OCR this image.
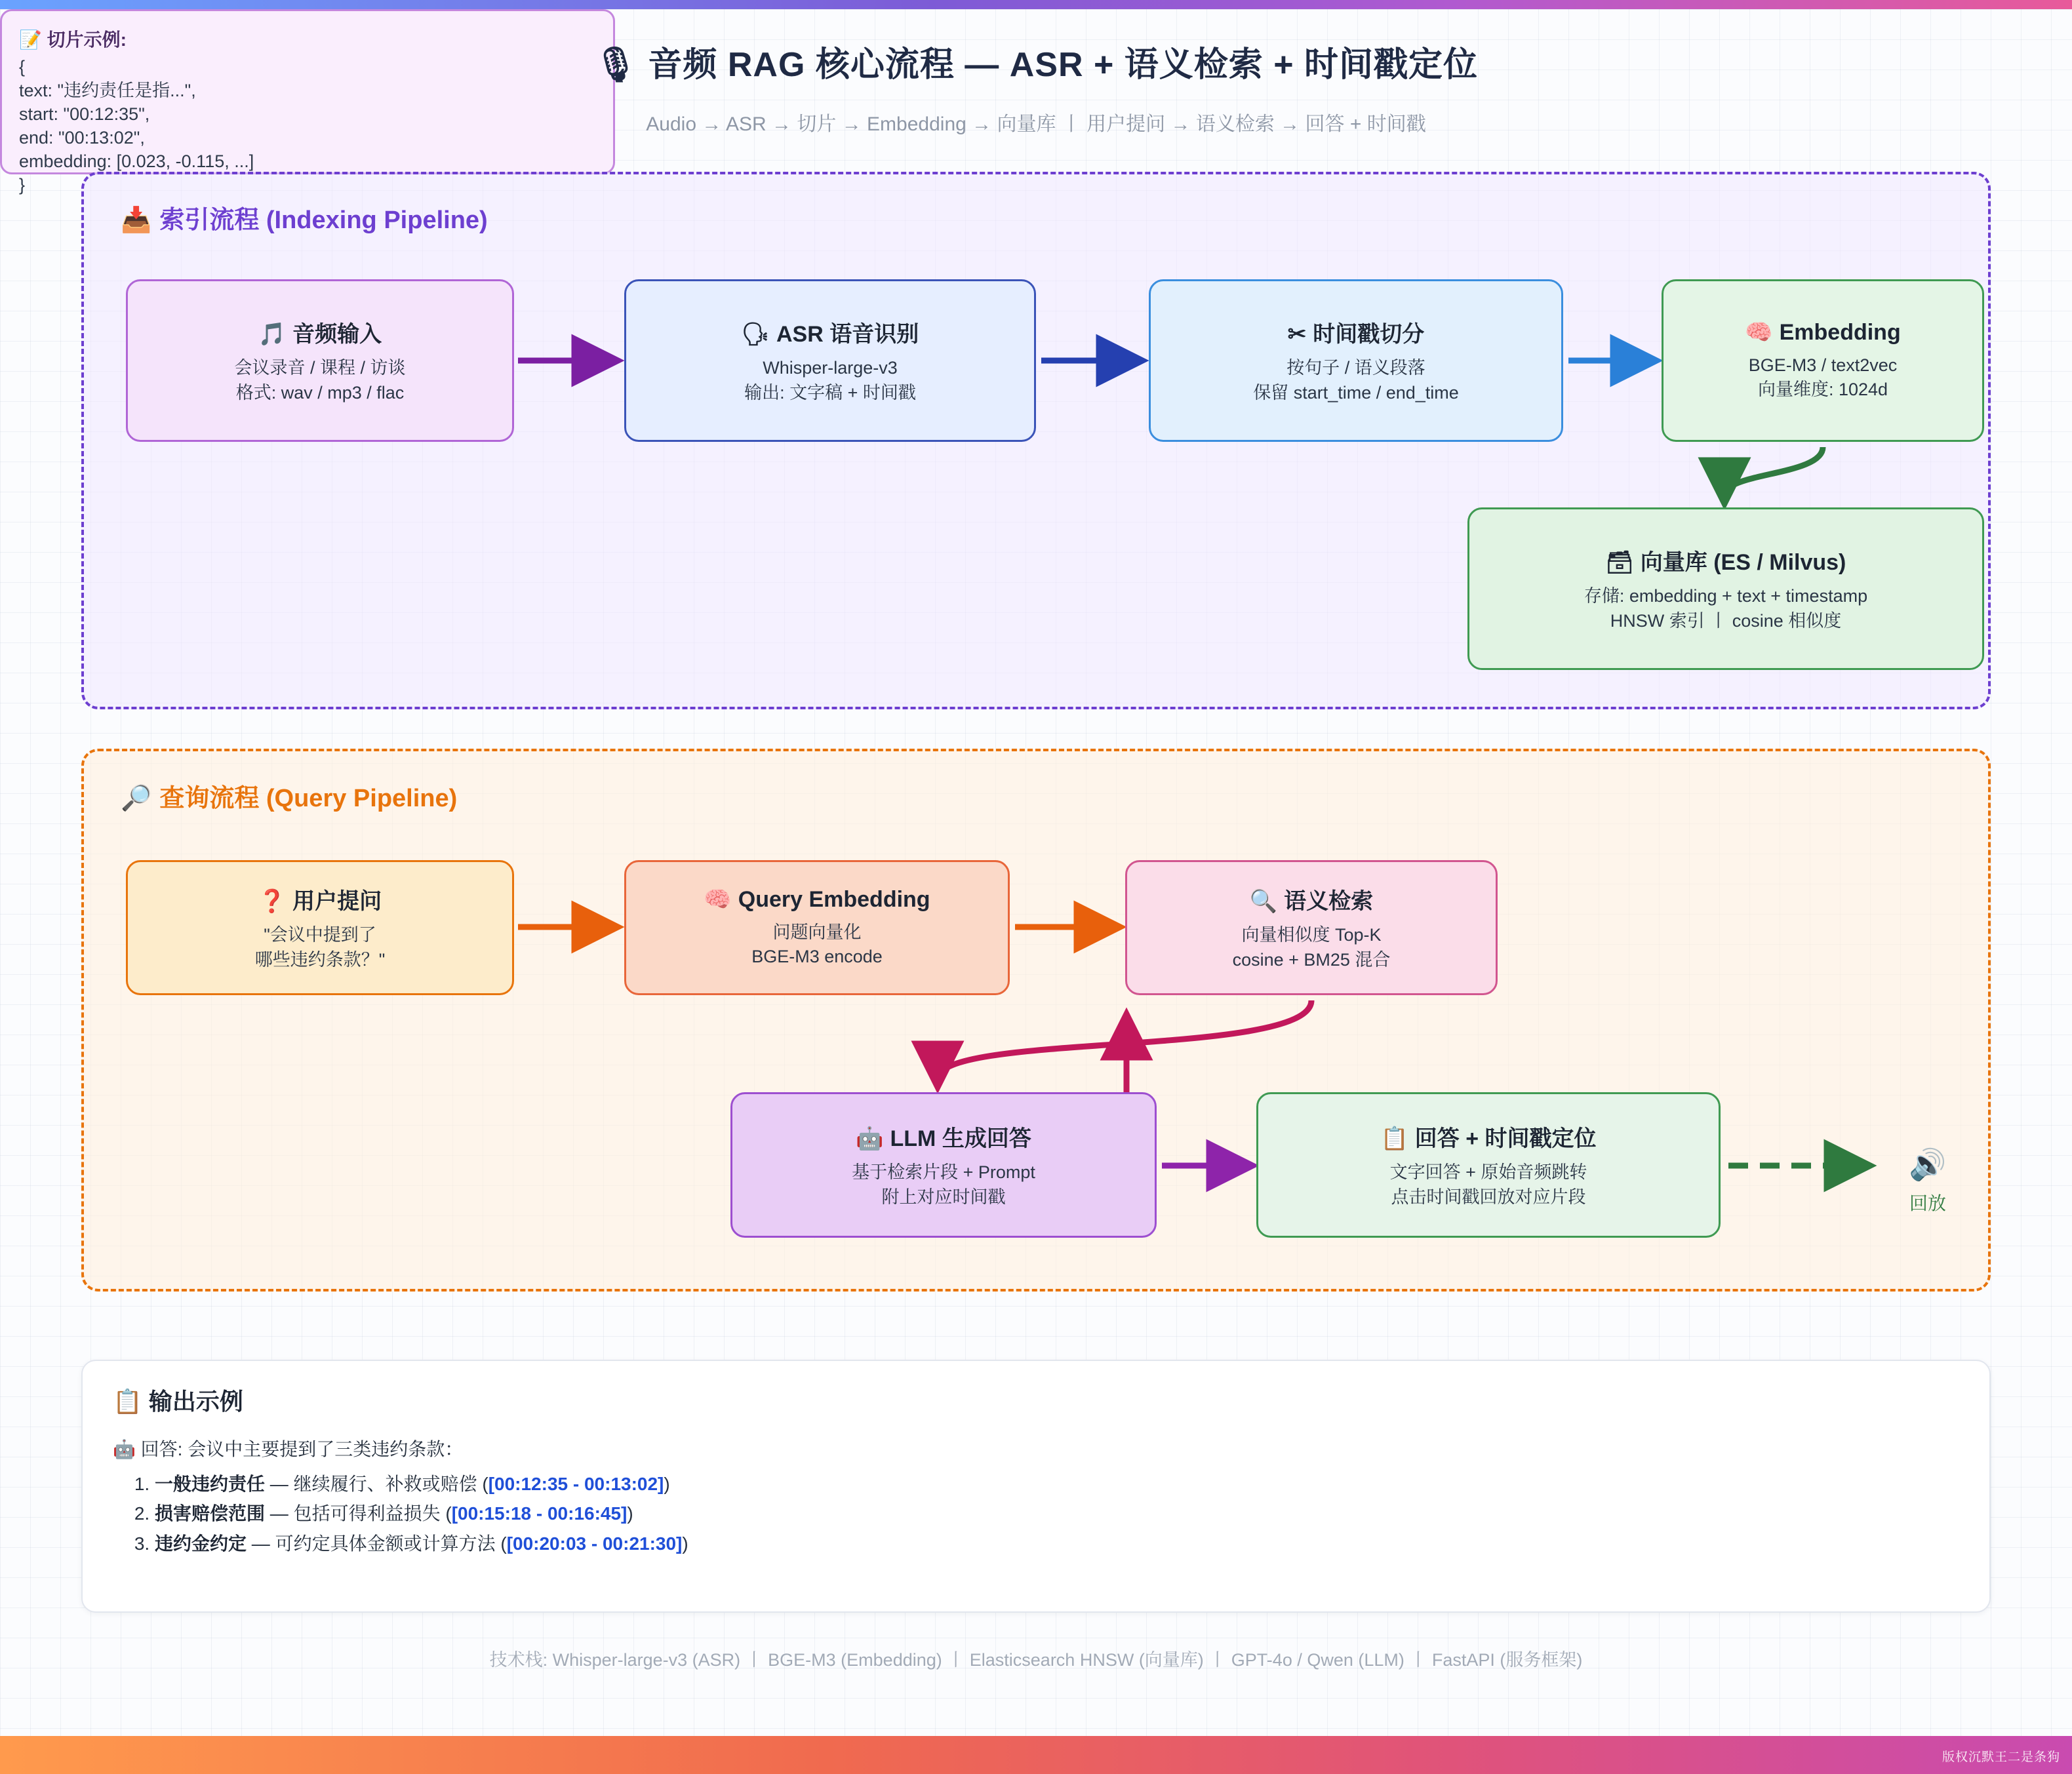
🎙 音频 RAG 核心流程 — ASR + 语义检索 + 时间戳定位
Audio → ASR → 切片 → Embedding → 向量库 丨 用户提问 → 语义检索 → 回答 + 时间戳
📥 索引流程 (Indexing Pipeline)
🔎 查询流程 (Query Pipeline)
🎵 音频输入
会议录音 / 课程 / 访谈
格式: wav / mp3 / flac
🗣 ASR 语音识别
Whisper-large-v3
输出: 文字稿 + 时间戳
✂ 时间戳切分
按句子 / 语义段落
保留 start_time / end_time
🧠 Embedding
BGE-M3 / text2vec
向量维度: 1024d
🗃 向量库 (ES / Milvus)
存储: embedding + text + timestamp
HNSW 索引 丨 cosine 相似度
📝 切片示例:
{
text: "违约责任是指...",
start: "00:12:35",
end: "00:13:02",
embedding: [0.023, -0.115, ...]
}
❓ 用户提问
"会议中提到了
哪些违约条款？"
🧠 Query Embedding
问题向量化
BGE-M3 encode
🔍 语义检索
向量相似度 Top-K
cosine + BM25 混合
🤖 LLM 生成回答
基于检索片段 + Prompt
附上对应时间戳
📋 回答 + 时间戳定位
文字回答 + 原始音频跳转
点击时间戳回放对应片段
🔊
回放
📋 输出示例
🤖 回答: 会议中主要提到了三类违约条款：
1. 一般违约责任 — 继续履行、补救或赔偿 ([00:12:35 - 00:13:02])
2. 损害赔偿范围 — 包括可得利益损失 ([00:15:18 - 00:16:45])
3. 违约金约定 — 可约定具体金额或计算方法 ([00:20:03 - 00:21:30])
技术栈: Whisper-large-v3 (ASR) 丨 BGE-M3 (Embedding) 丨 Elasticsearch HNSW (向量库) 丨 GPT-4o / Qwen (LLM) 丨 FastAPI (服务框架)
版权沉默王二是条狗
